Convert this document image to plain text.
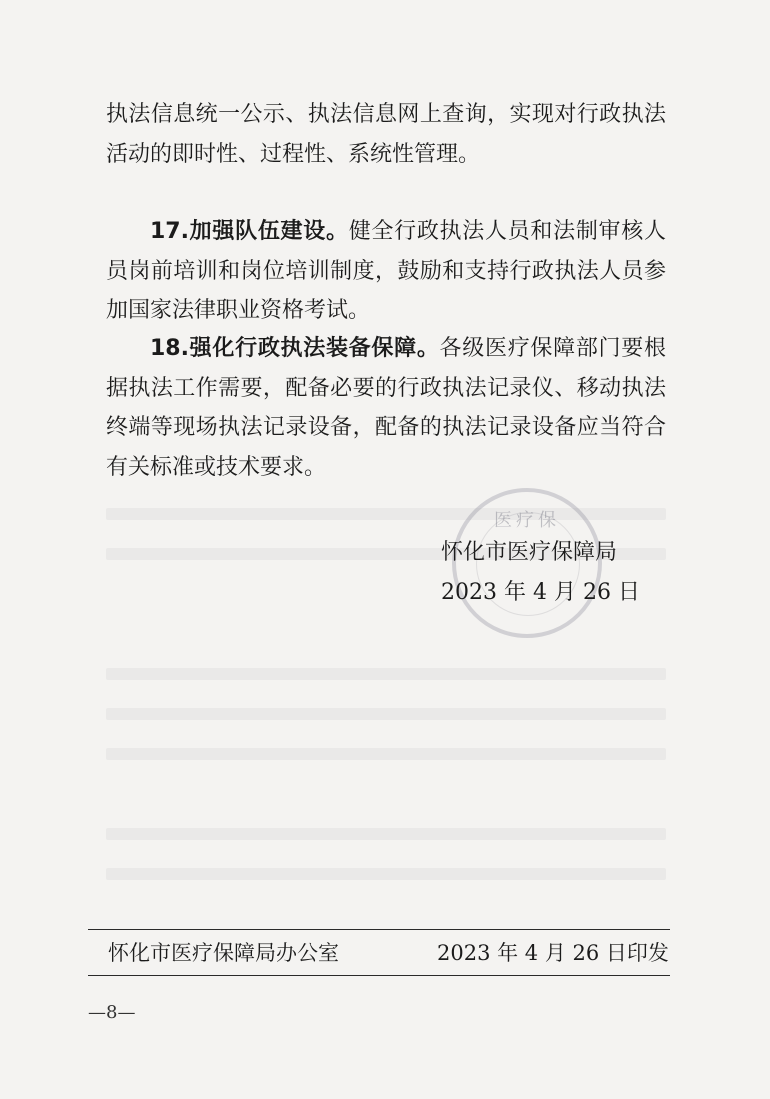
执法信息统一公示、执法信息网上查询，实现对行政执法活动的即时性、过程性、系统性管理。

17.加强队伍建设。健全行政执法人员和法制审核人员岗前培训和岗位培训制度，鼓励和支持行政执法人员参加国家法律职业资格考试。

18.强化行政执法装备保障。各级医疗保障部门要根据执法工作需要，配备必要的行政执法记录仪、移动执法终端等现场执法记录设备，配备的执法记录设备应当符合有关标准或技术要求。

医疗保
怀化市医疗保障局
2023 年 4 月 26 日
怀化市医疗保障局办公室	2023 年 4 月 26 日印发
—8—
